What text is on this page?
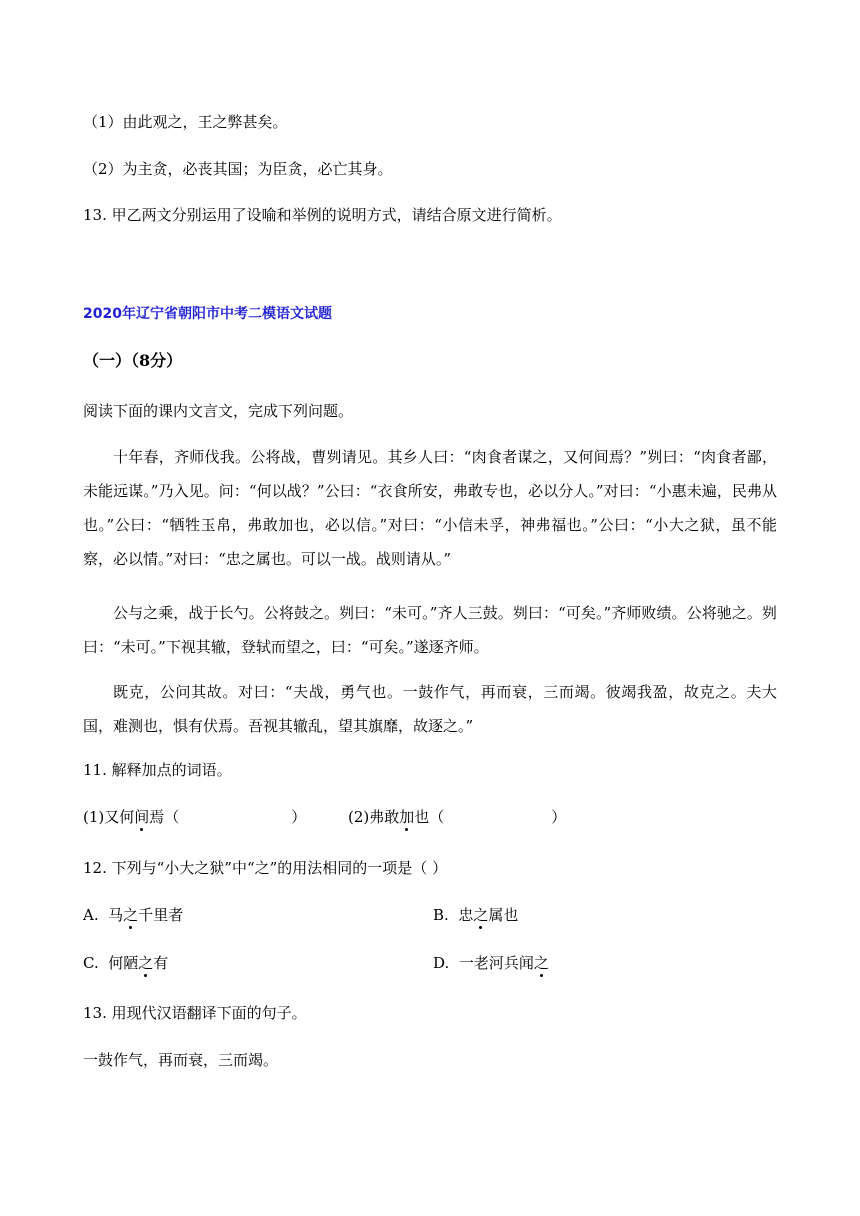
（1）由此观之，王之弊甚矣。
（2）为主贪，必丧其国；为臣贪，必亡其身。
13. 甲乙两文分别运用了设喻和举例的说明方式，请结合原文进行简析。
2020年辽宁省朝阳市中考二模语文试题
（一）（8分）
阅读下面的课内文言文，完成下列问题。
十年春，齐师伐我。公将战，曹刿请见。其乡人曰：“肉食者谋之，又何间焉？”刿曰：“肉食者鄙，未能远谋。”乃入见。问：“何以战？”公曰：“衣食所安，弗敢专也，必以分人。”对曰：“小惠未遍，民弗从也。”公曰：“牺牲玉帛，弗敢加也，必以信。”对曰：“小信未孚，神弗福也。”公曰：“小大之狱，虽不能察，必以情。”对曰：“忠之属也。可以一战。战则请从。”
公与之乘，战于长勺。公将鼓之。刿曰：“未可。”齐人三鼓。刿曰：“可矣。”齐师败绩。公将驰之。刿曰：“未可。”下视其辙，登轼而望之，曰：“可矣。”遂逐齐师。
既克，公问其故。对曰：“夫战，勇气也。一鼓作气，再而衰，三而竭。彼竭我盈，故克之。夫大国，难测也，惧有伏焉。吾视其辙乱，望其旗靡，故逐之。”
11. 解释加点的词语。
(1)又何间焉（	）	(2)弗敢加也（	）
12. 下列与“小大之狱”中“之”的用法相同的一项是（ ）
A. 马之千里者	B. 忠之属也
C. 何陋之有	D. 一老河兵闻之
13. 用现代汉语翻译下面的句子。
一鼓作气，再而衰，三而竭。
